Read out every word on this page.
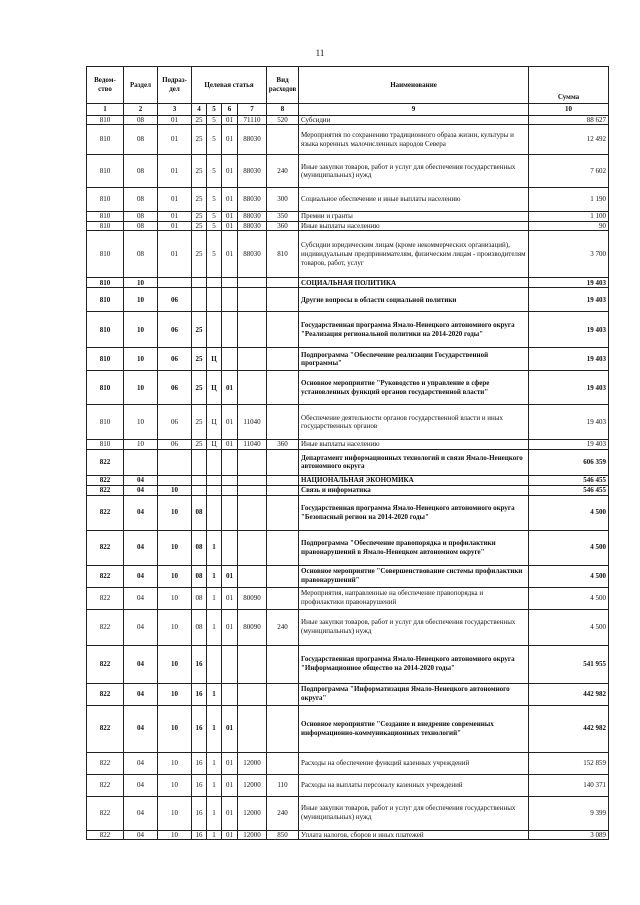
11
Ведом-ство	Раздел	Подраз-дел	Целевая статья				Вид расходов	Наименование	Сумма
1	2	3	4	5	6	7	8	9	10
810	08	01	25	5	01	71110	520	Субсидии	88 627
810	08	01	25	5	01	88030		Мероприятия по сохранению традиционного образа жизни, культуры и языка коренных малочисленных народов Севера	12 492
810	08	01	25	5	01	88030	240	Иные закупки товаров, работ и услуг для обеспечения государственных (муниципальных) нужд	7 602
810	08	01	25	5	01	88030	300	Социальное обеспечение и иные выплаты населению	1 190
810	08	01	25	5	01	88030	350	Премии и гранты	1 100
810	08	01	25	5	01	88030	360	Иные выплаты населению	90
810	08	01	25	5	01	88030	810	Субсидии юридическим лицам (кроме некоммерческих организаций), индивидуальным предпринимателям, физическим лицам - производителям товаров, работ, услуг	3 700
810	10							СОЦИАЛЬНАЯ ПОЛИТИКА	19 403
810	10	06						Другие вопросы в области социальной политики	19 403
810	10	06	25					Государственная программа Ямало-Ненецкого автономного округа "Реализация региональной политики на 2014-2020 годы"	19 403
810	10	06	25	Ц				Подпрограмма "Обеспечение реализации Государственной программы"	19 403
810	10	06	25	Ц	01			Основное мероприятие "Руководство и управление в сфере установленных функций органов государственной власти"	19 403
810	10	06	25	Ц	01	11040		Обеспечение деятельности органов государственной власти и иных государственных органов	19 403
810	10	06	25	Ц	01	11040	360	Иные выплаты населению	19 403
822								Департамент информационных технологий и связи Ямало-Ненецкого автономного округа	606 359
822	04							НАЦИОНАЛЬНАЯ ЭКОНОМИКА	546 455
822	04	10						Связь и информатика	546 455
822	04	10	08					Государственная программа Ямало-Ненецкого автономного округа "Безопасный регион на 2014-2020 годы"	4 500
822	04	10	08	1				Подпрограмма "Обеспечение правопорядка и профилактики правонарушений в Ямало-Ненецком автономном округе"	4 500
822	04	10	08	1	01			Основное мероприятие "Совершенствование системы профилактики правонарушений"	4 500
822	04	10	08	1	01	80090		Мероприятия, направленные на обеспечение правопорядка и профилактики правонарушений	4 500
822	04	10	08	1	01	80090	240	Иные закупки товаров, работ и услуг для обеспечения государственных (муниципальных) нужд	4 500
822	04	10	16					Государственная программа Ямало-Ненецкого автономного округа "Информационное общество на 2014-2020 годы"	541 955
822	04	10	16	1				Подпрограмма "Информатизация Ямало-Ненецкого автономного округа"	442 982
822	04	10	16	1	01			Основное мероприятие "Создание и внедрение современных информационно-коммуникационных технологий"	442 982
822	04	10	16	1	01	12000		Расходы на обеспечение функций казенных учреждений	152 859
822	04	10	16	1	01	12000	110	Расходы на выплаты персоналу казенных учреждений	140 371
822	04	10	16	1	01	12000	240	Иные закупки товаров, работ и услуг для обеспечения государственных (муниципальных) нужд	9 399
822	04	10	16	1	01	12000	850	Уплата налогов, сборов и иных платежей	3 089
